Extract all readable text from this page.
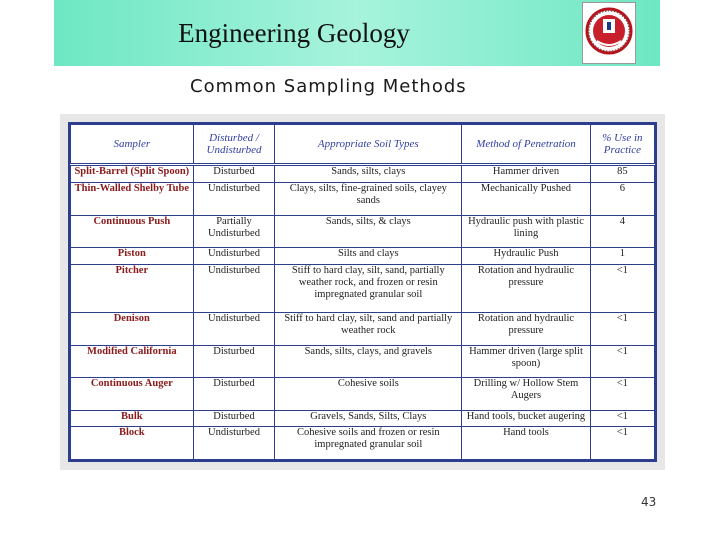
Engineering Geology
Common Sampling Methods
Sampler	Disturbed / Undisturbed	Appropriate Soil Types	Method of Penetration	% Use in Practice
Split-Barrel (Split Spoon)	Disturbed	Sands, silts, clays	Hammer driven	85
Thin-Walled Shelby Tube	Undisturbed	Clays, silts, fine-grained soils, clayey sands	Mechanically Pushed	6
Continuous Push	Partially Undisturbed	Sands, silts, & clays	Hydraulic push with plastic lining	4
Piston	Undisturbed	Silts and clays	Hydraulic Push	1
Pitcher	Undisturbed	Stiff to hard clay, silt, sand, partially weather rock, and frozen or resin impregnated granular soil	Rotation and hydraulic pressure	<1
Denison	Undisturbed	Stiff to hard clay, silt, sand and partially weather rock	Rotation and hydraulic pressure	<1
Modified California	Disturbed	Sands, silts, clays, and gravels	Hammer driven (large split spoon)	<1
Continuous Auger	Disturbed	Cohesive soils	Drilling w/ Hollow Stem Augers	<1
Bulk	Disturbed	Gravels, Sands, Silts, Clays	Hand tools, bucket augering	<1
Block	Undisturbed	Cohesive soils and frozen or resin impregnated granular soil	Hand tools	<1
43
